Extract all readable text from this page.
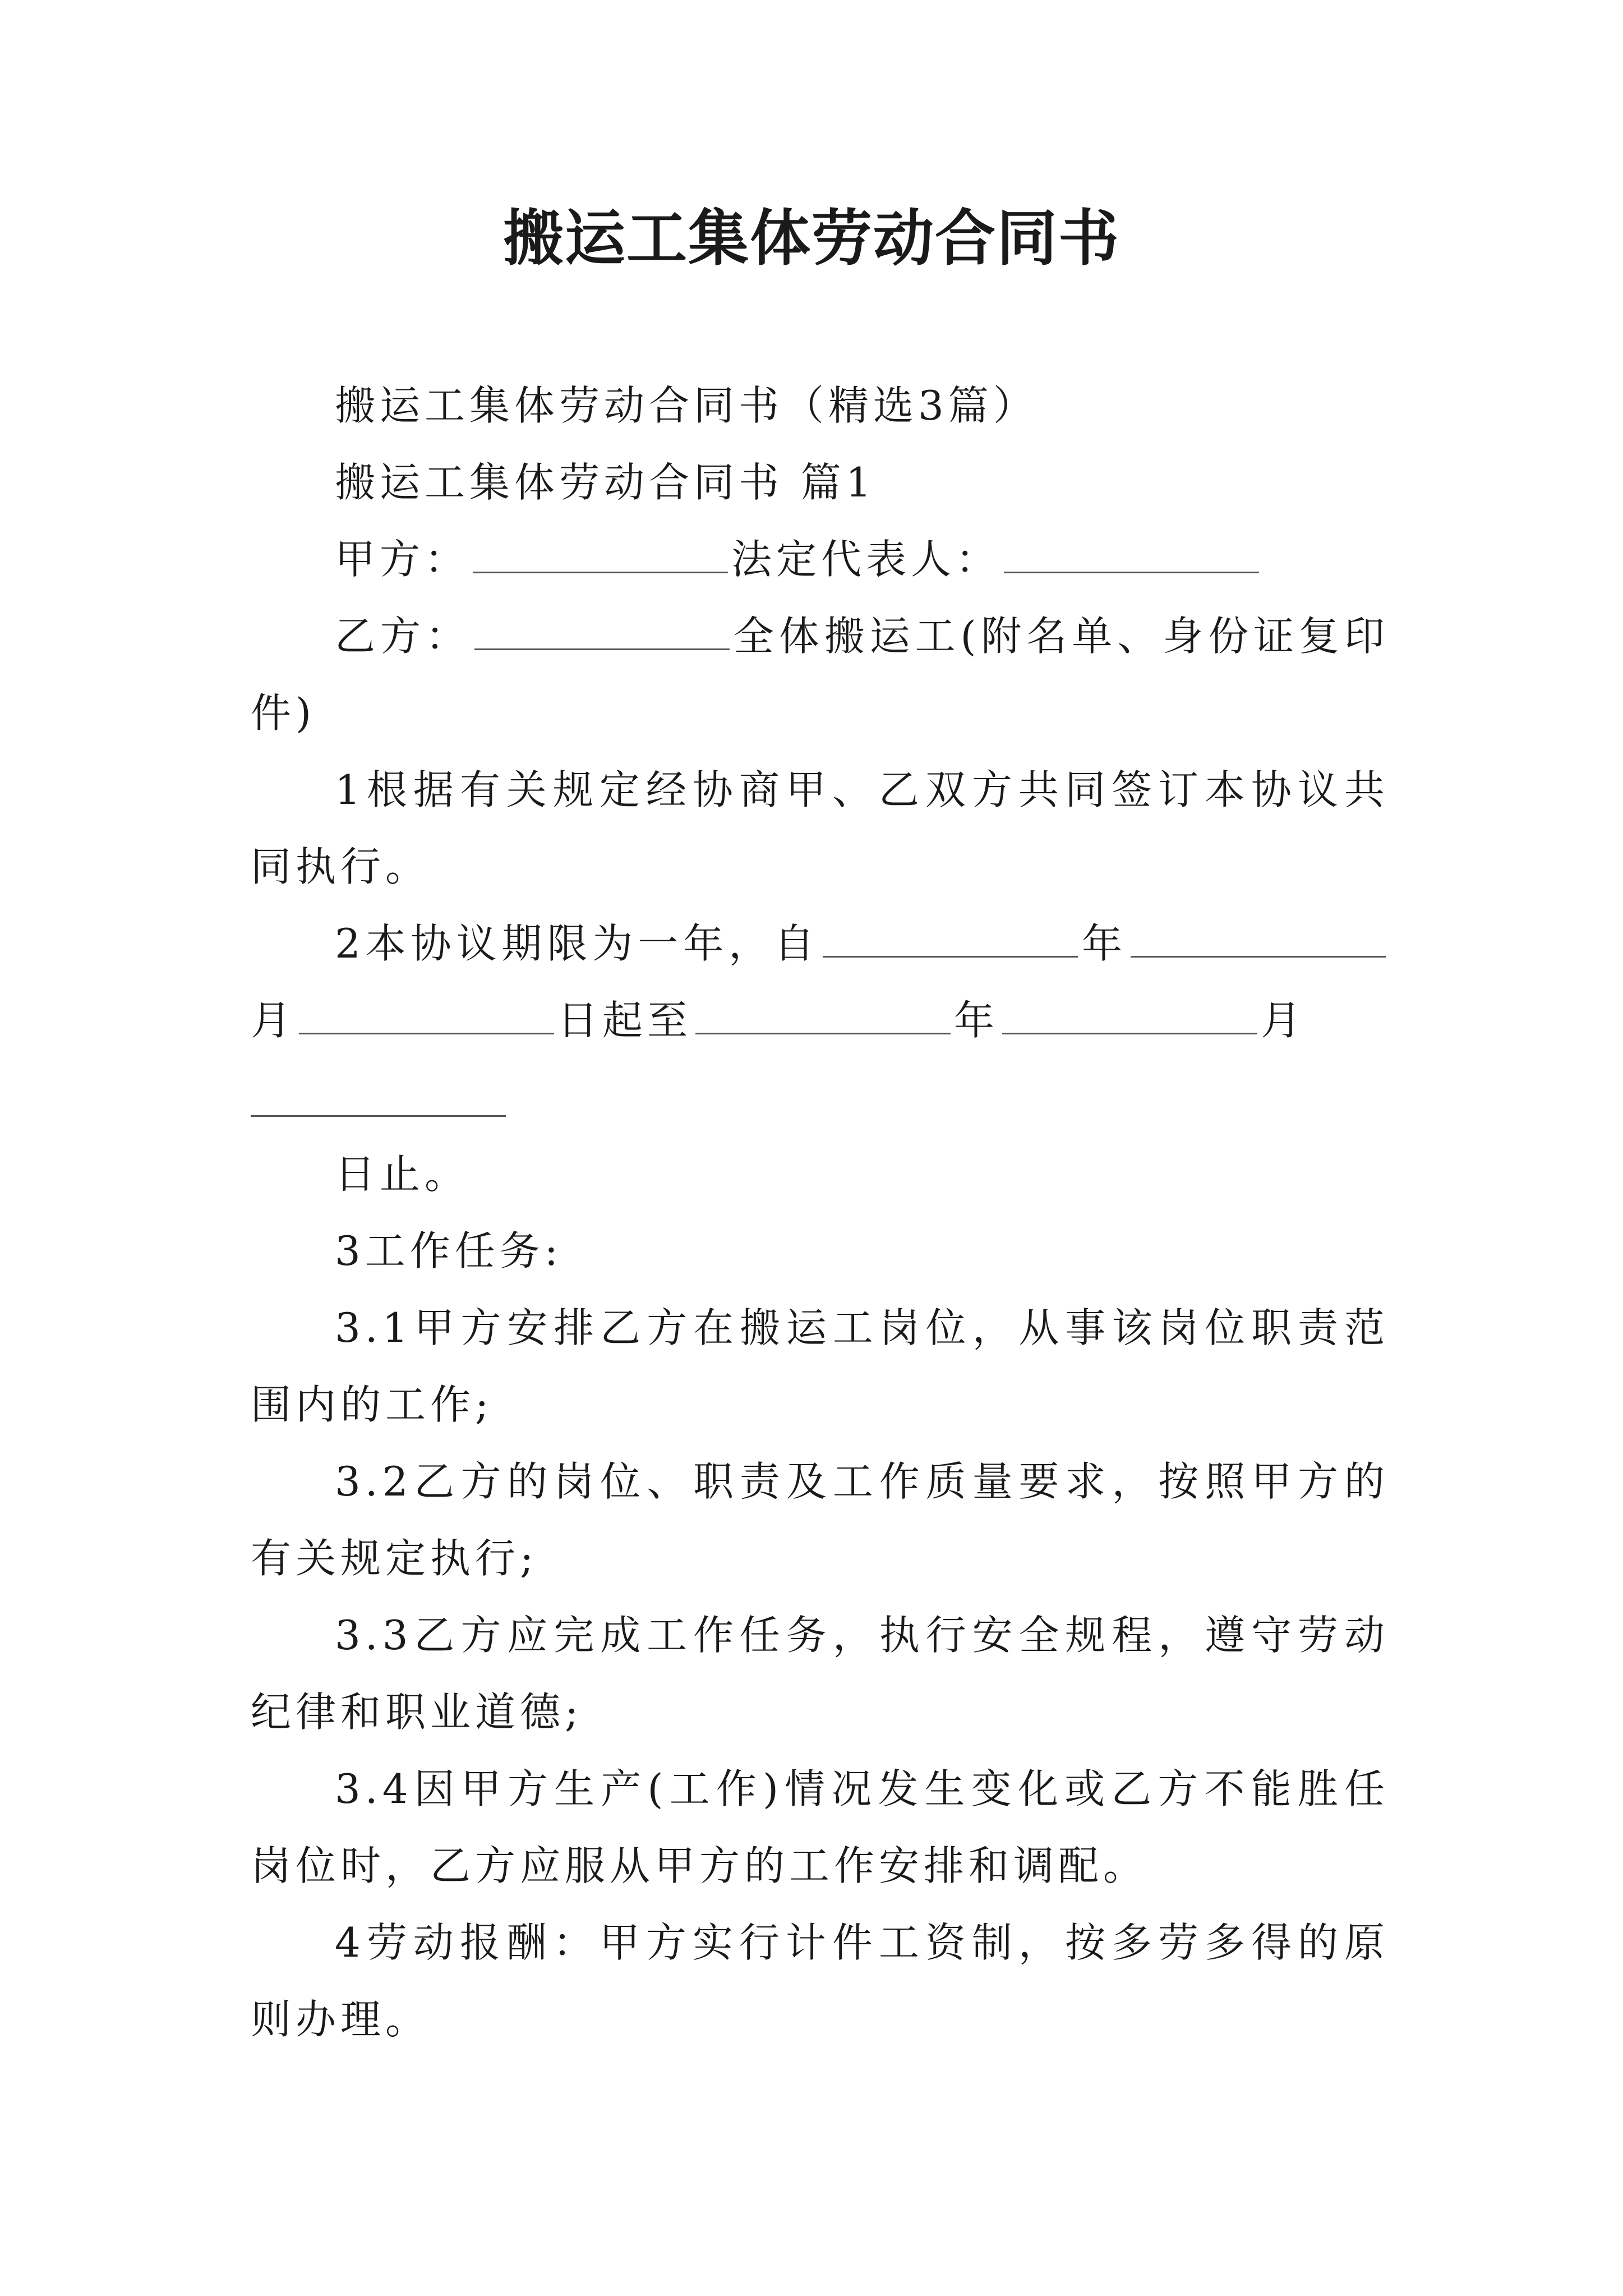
搬运工集体劳动合同书

搬运工集体劳动合同书（精选3篇）

搬运工集体劳动合同书 篇1

甲方：	法定代表人：

乙方：	全体搬运工(附名单、身份证复印件)

1根据有关规定经协商甲、乙双方共同签订本协议共同执行。

2本协议期限为一年，自	年月	日起至	年	月

日止。

3工作任务:

3.1甲方安排乙方在搬运工岗位，从事该岗位职责范围内的工作;

3.2乙方的岗位、职责及工作质量要求，按照甲方的有关规定执行;

3.3乙方应完成工作任务，执行安全规程，遵守劳动纪律和职业道德;

3.4因甲方生产(工作)情况发生变化或乙方不能胜任岗位时，乙方应服从甲方的工作安排和调配。

4劳动报酬：甲方实行计件工资制，按多劳多得的原则办理。
